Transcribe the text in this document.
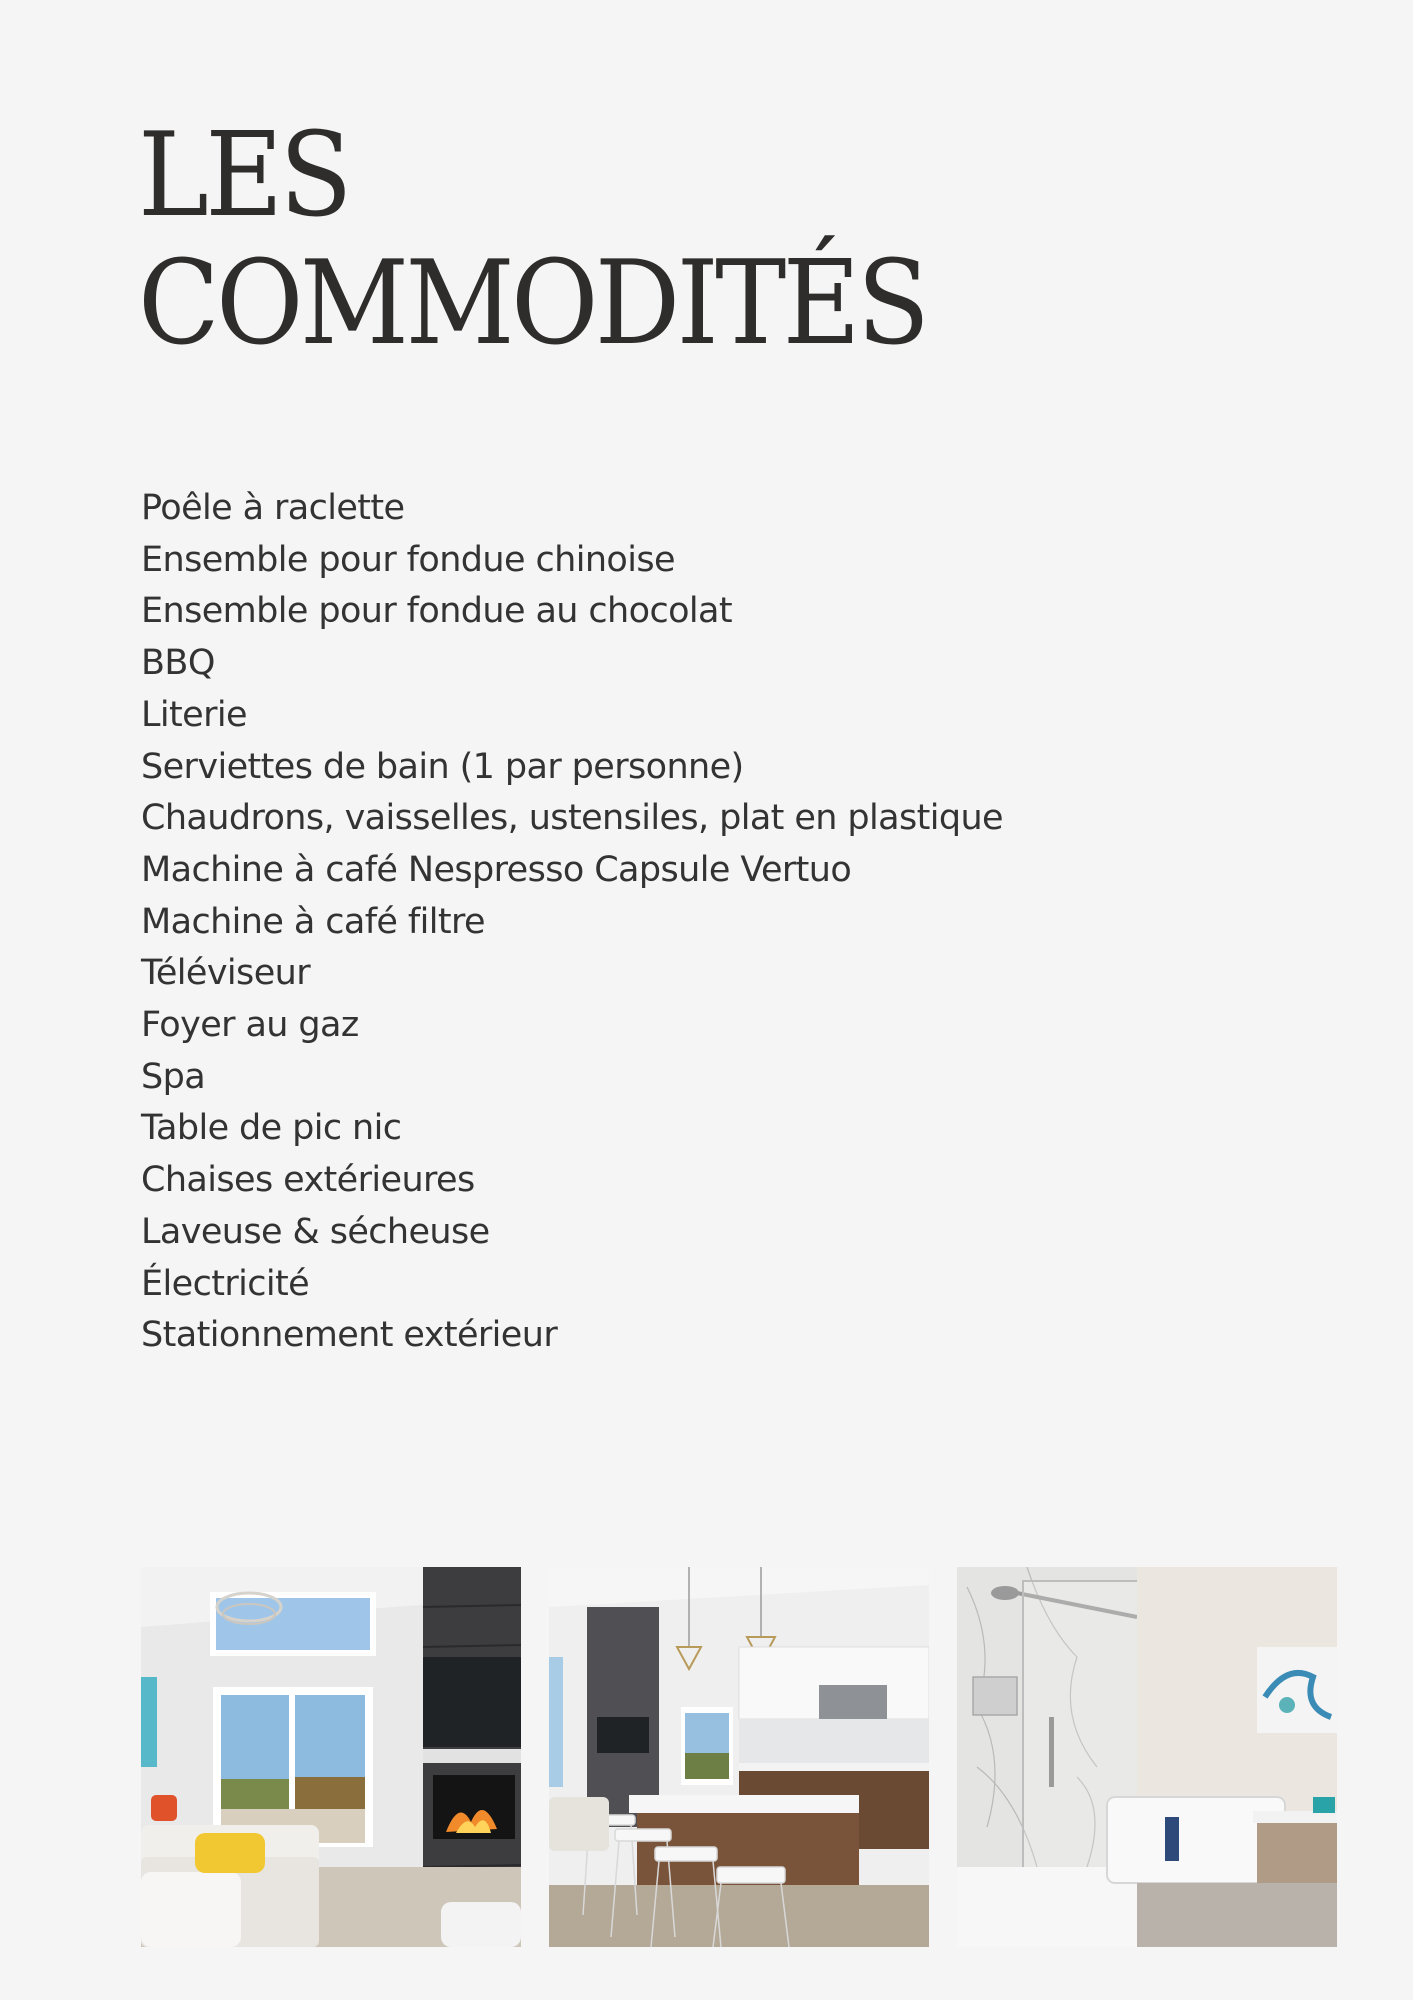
LES
COMMODITÉS
Poêle à raclette
Ensemble pour fondue chinoise
Ensemble pour fondue au chocolat
BBQ
Literie
Serviettes de bain (1 par personne)
Chaudrons, vaisselles, ustensiles, plat en plastique
Machine à café Nespresso Capsule Vertuo
Machine à café filtre
Téléviseur
Foyer au gaz
Spa
Table de pic nic
Chaises extérieures
Laveuse & sécheuse
Électricité
Stationnement extérieur
